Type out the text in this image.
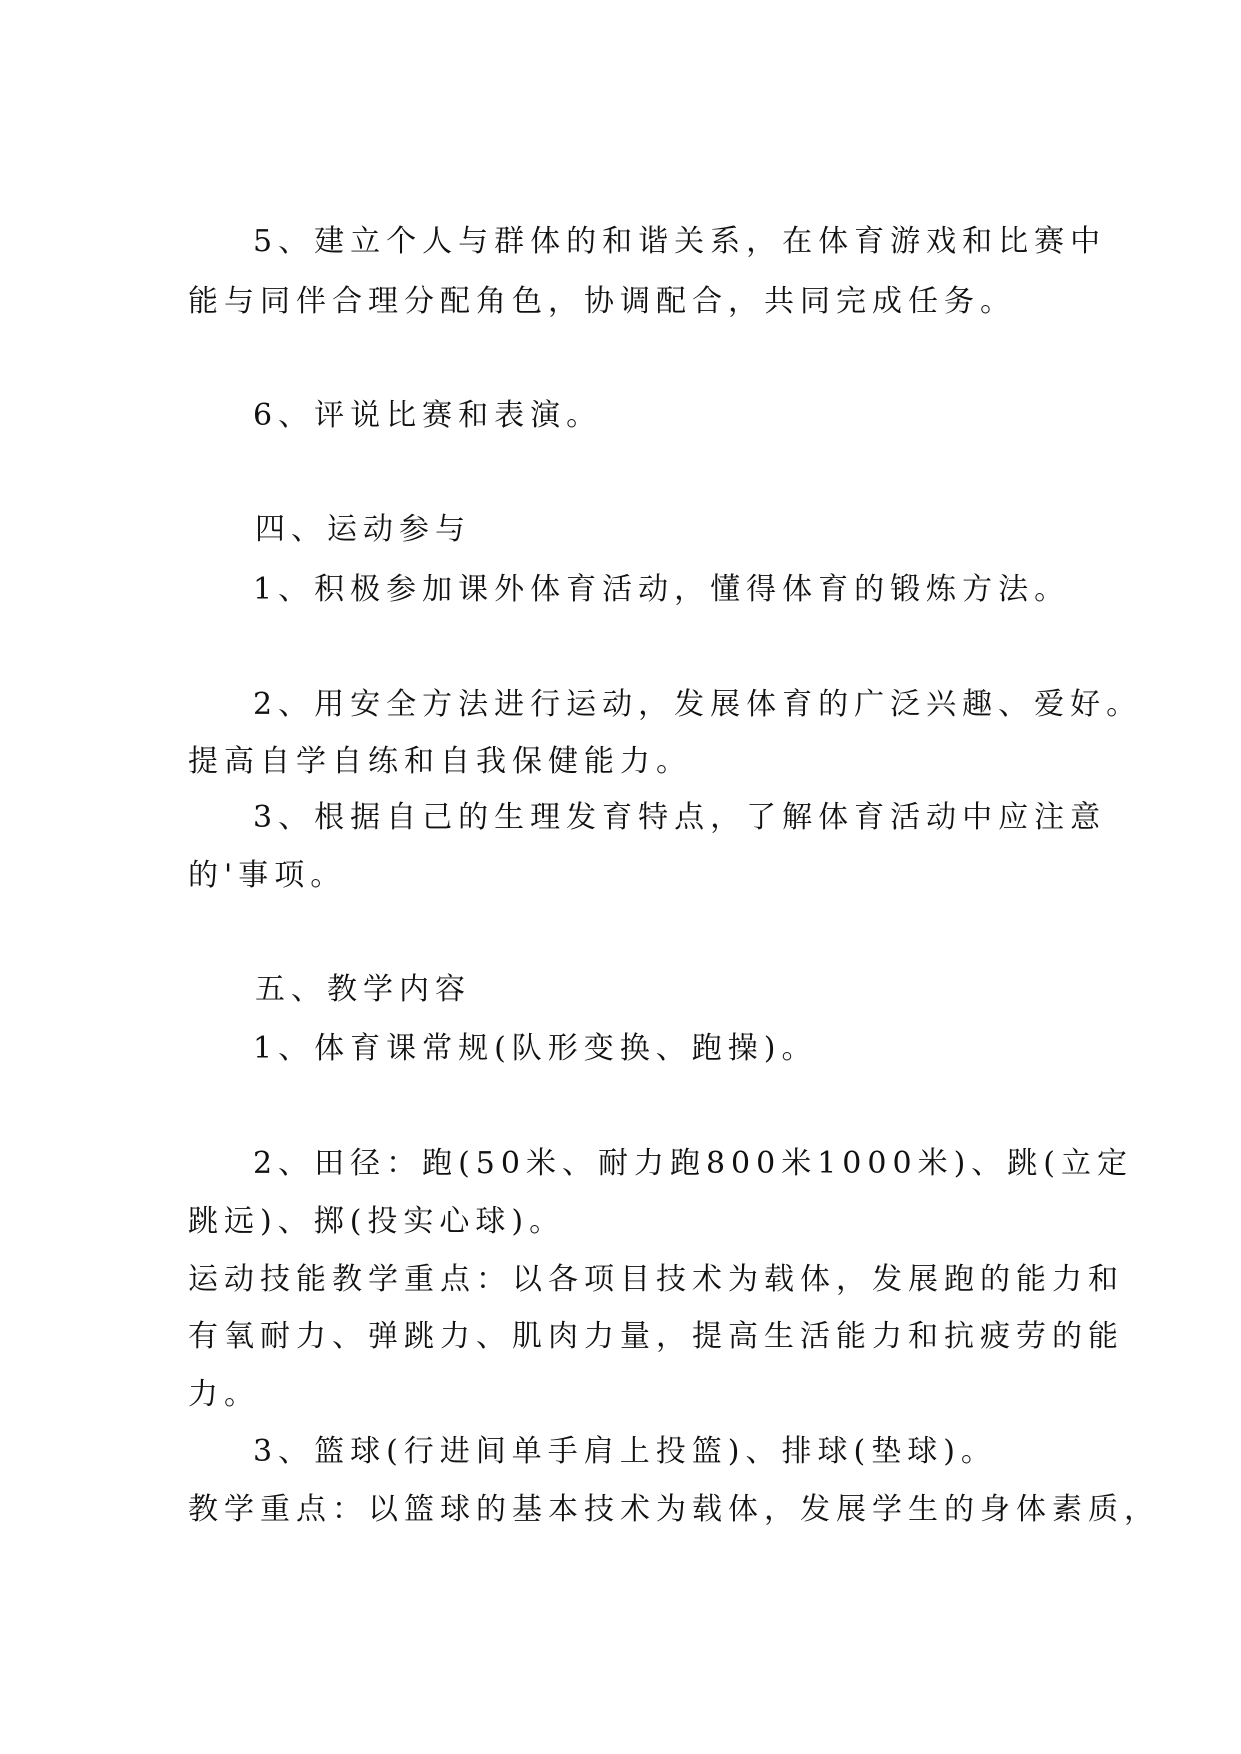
5、建立个人与群体的和谐关系，在体育游戏和比赛中
能与同伴合理分配角色，协调配合，共同完成任务。
6、评说比赛和表演。
四、运动参与
1、积极参加课外体育活动，懂得体育的锻炼方法。
2、用安全方法进行运动，发展体育的广泛兴趣、爱好。
提高自学自练和自我保健能力。
3、根据自己的生理发育特点，了解体育活动中应注意
的'事项。
五、教学内容
1、体育课常规(队形变换、跑操)。
2、田径：跑(50米、耐力跑800米1000米)、跳(立定
跳远)、掷(投实心球)。
运动技能教学重点：以各项目技术为载体，发展跑的能力和
有氧耐力、弹跳力、肌肉力量，提高生活能力和抗疲劳的能
力。
3、篮球(行进间单手肩上投篮)、排球(垫球)。
教学重点：以篮球的基本技术为载体，发展学生的身体素质，
